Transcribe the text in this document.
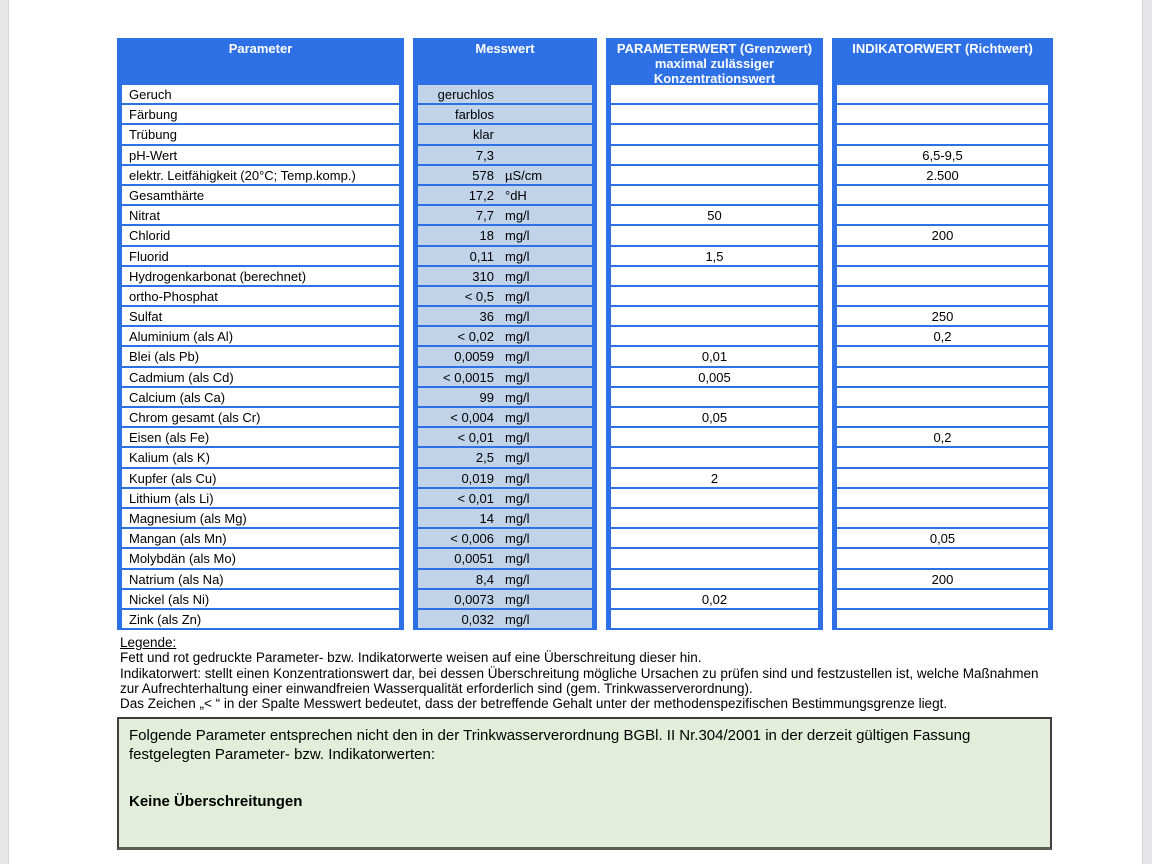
Parameter
Geruch
Färbung
Trübung
pH-Wert
elektr. Leitfähigkeit (20°C; Temp.komp.)
Gesamthärte
Nitrat
Chlorid
Fluorid
Hydrogenkarbonat (berechnet)
ortho-Phosphat
Sulfat
Aluminium (als Al)
Blei (als Pb)
Cadmium (als Cd)
Calcium (als Ca)
Chrom gesamt (als Cr)
Eisen (als Fe)
Kalium (als K)
Kupfer (als Cu)
Lithium (als Li)
Magnesium (als Mg)
Mangan (als Mn)
Molybdän (als Mo)
Natrium (als Na)
Nickel (als Ni)
Zink (als Zn)
Messwert
geruchlos
farblos
klar
7,3
578 µS/cm
17,2 °dH
7,7 mg/l
18 mg/l
0,11 mg/l
310 mg/l
< 0,5 mg/l
36 mg/l
< 0,02 mg/l
0,0059 mg/l
< 0,0015 mg/l
99 mg/l
< 0,004 mg/l
< 0,01 mg/l
2,5 mg/l
0,019 mg/l
< 0,01 mg/l
14 mg/l
< 0,006 mg/l
0,0051 mg/l
8,4 mg/l
0,0073 mg/l
0,032 mg/l
PARAMETERWERT (Grenzwert)
maximal zulässiger
Konzentrationswert
50
1,5
0,01
0,005
0,05
2
0,02
INDIKATORWERT (Richtwert)
6,5-9,5
2.500
200
250
0,2
0,2
0,05
200
Legende:
Fett und rot gedruckte Parameter- bzw. Indikatorwerte weisen auf eine Überschreitung dieser hin.
Indikatorwert: stellt einen Konzentrationswert dar, bei dessen Überschreitung mögliche Ursachen zu prüfen sind und festzustellen ist, welche Maßnahmen
zur Aufrechterhaltung einer einwandfreien Wasserqualität erforderlich sind (gem. Trinkwasserverordnung).
Das Zeichen „< “ in der Spalte Messwert bedeutet, dass der betreffende Gehalt unter der methodenspezifischen Bestimmungsgrenze liegt.
Folgende Parameter entsprechen nicht den in der Trinkwasserverordnung BGBl. II Nr.304/2001 in der derzeit gültigen Fassung
festgelegten Parameter- bzw. Indikatorwerten:
Keine Überschreitungen
